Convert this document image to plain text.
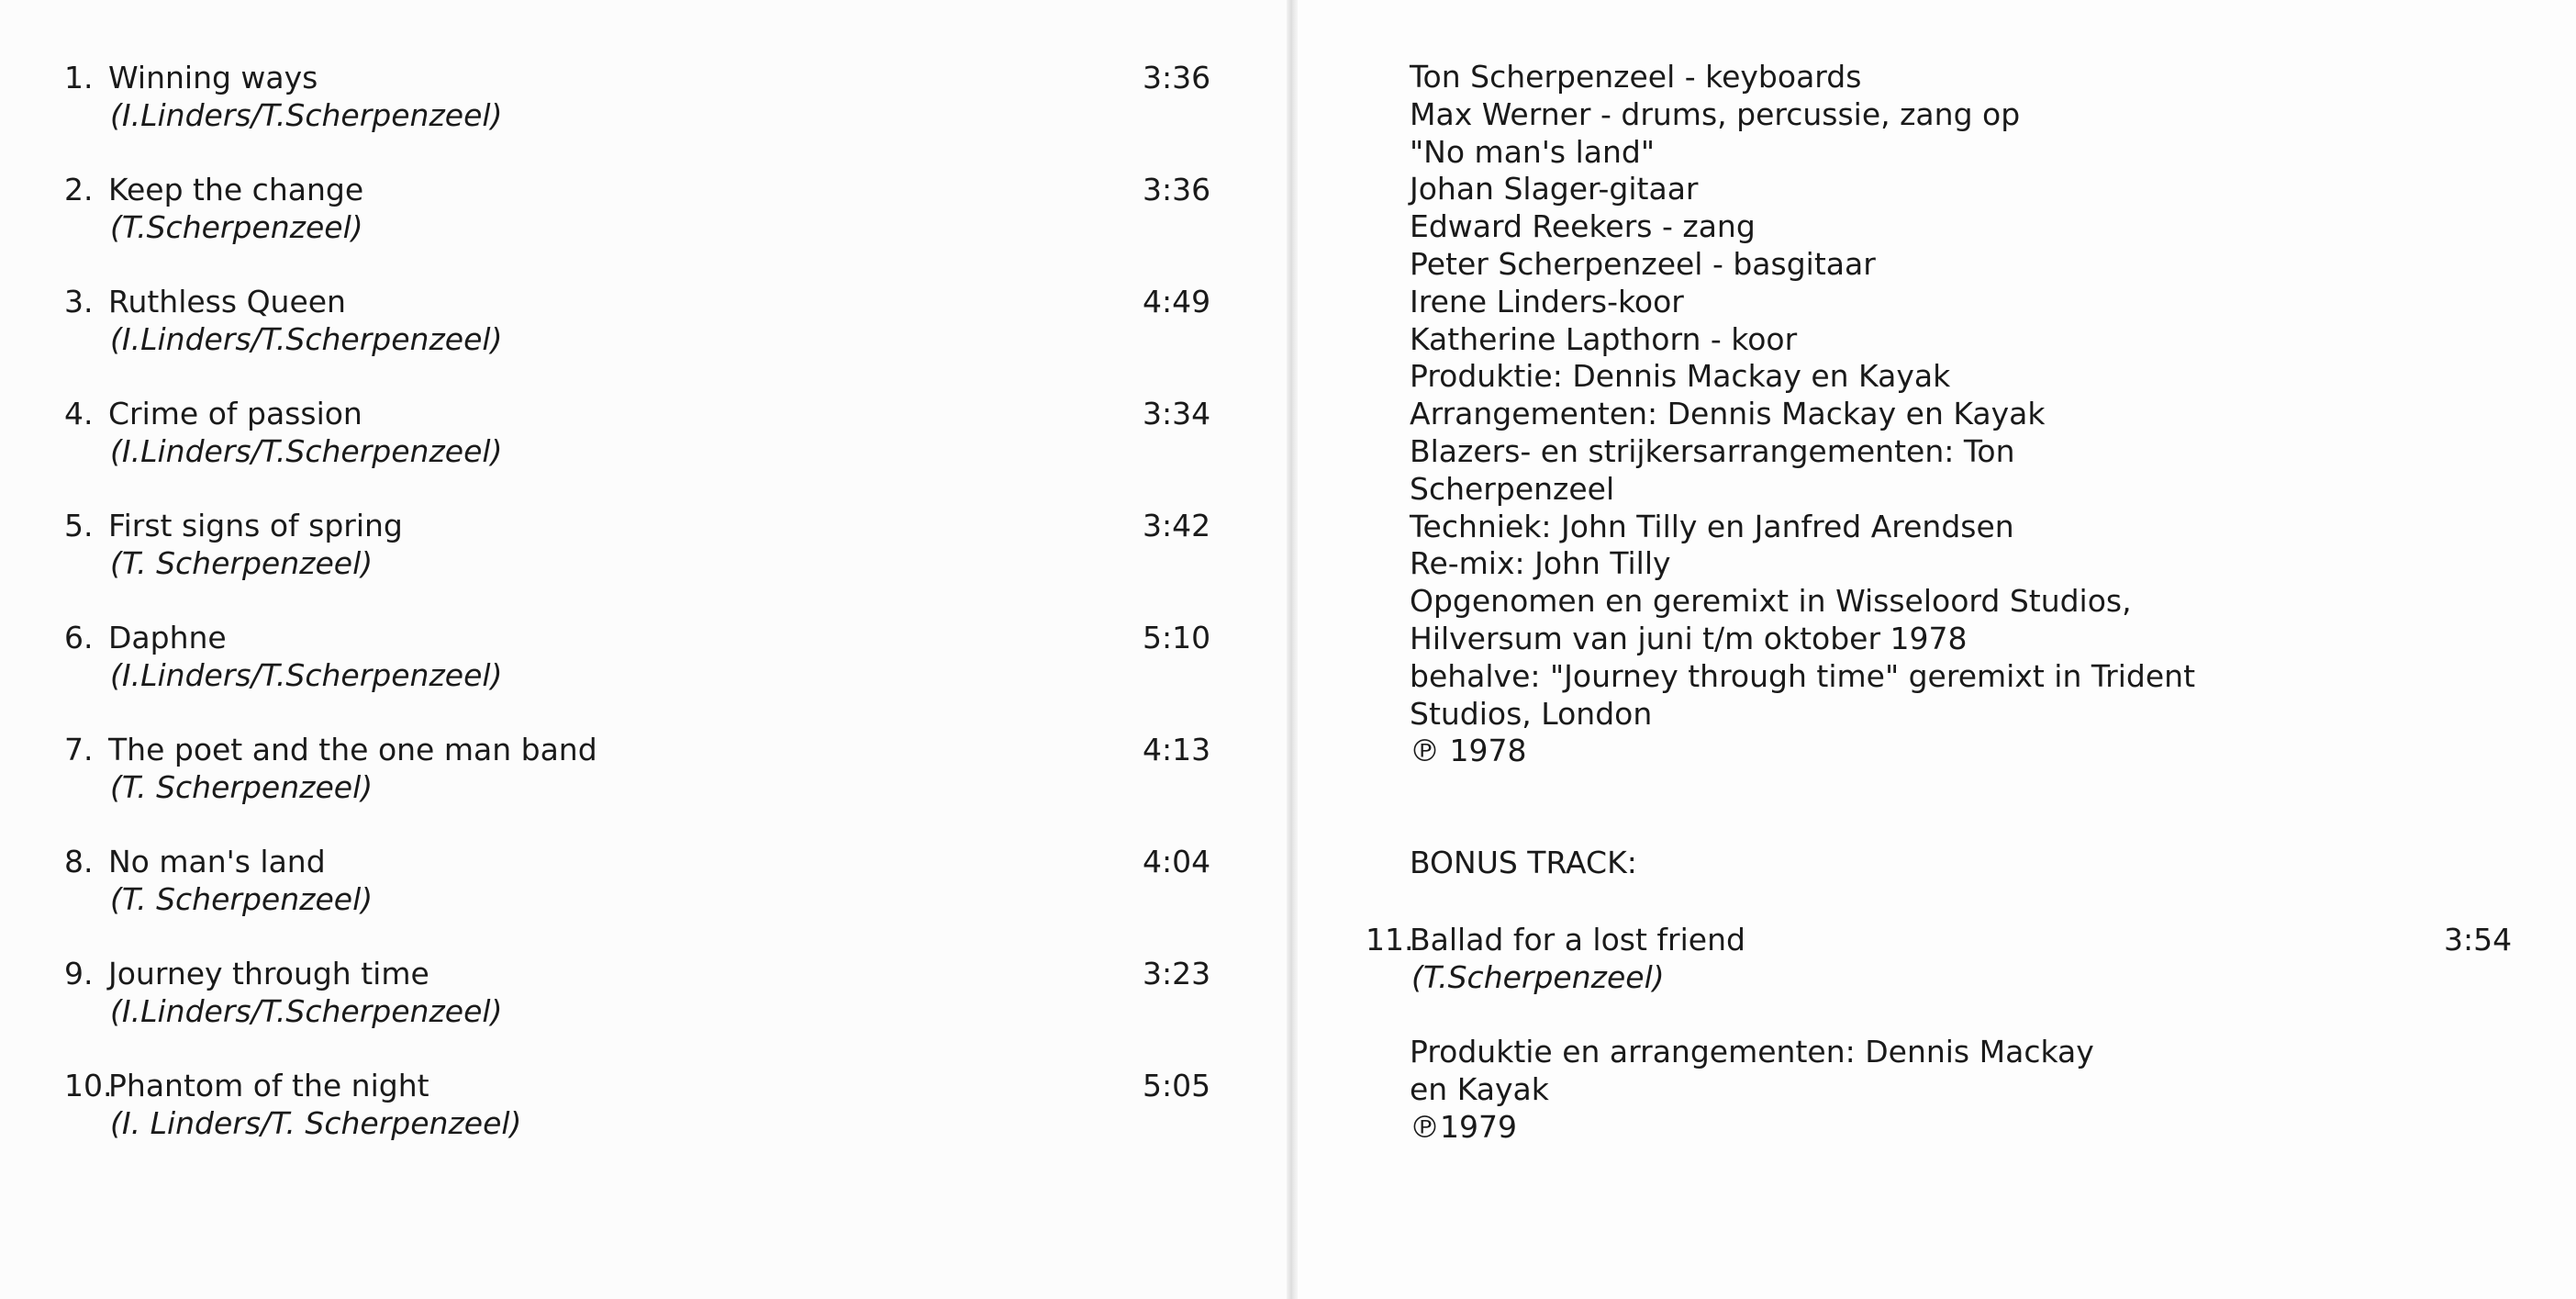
1. Winning ways
(I.Linders/T.Scherpenzeel)
3:36
2. Keep the change
(T.Scherpenzeel)
3:36
3. Ruthless Queen
(I.Linders/T.Scherpenzeel)
4:49
4. Crime of passion
(I.Linders/T.Scherpenzeel)
3:34
5. First signs of spring
(T. Scherpenzeel)
3:42
6. Daphne
(I.Linders/T.Scherpenzeel)
5:10
7. The poet and the one man band
(T. Scherpenzeel)
4:13
8. No man's land
(T. Scherpenzeel)
4:04
9. Journey through time
(I.Linders/T.Scherpenzeel)
3:23
10.
Phantom of the night
(I. Linders/T. Scherpenzeel)
5:05
Ton Scherpenzeel - keyboards
Max Werner - drums, percussie, zang op
"No man's land"
Johan Slager-gitaar
Edward Reekers - zang
Peter Scherpenzeel - basgitaar
Irene Linders-koor
Katherine Lapthorn - koor
Produktie: Dennis Mackay en Kayak
Arrangementen: Dennis Mackay en Kayak
Blazers- en strijkersarrangementen: Ton
Scherpenzeel
Techniek: John Tilly en Janfred Arendsen
Re-mix: John Tilly
Opgenomen en geremixt in Wisseloord Studios,
Hilversum van juni t/m oktober 1978
behalve: "Journey through time" geremixt in Trident
Studios, London
℗ 1978
BONUS TRACK:
11.
Ballad for a lost friend
(T.Scherpenzeel)
3:54
Produktie en arrangementen: Dennis Mackay
en Kayak
℗1979
